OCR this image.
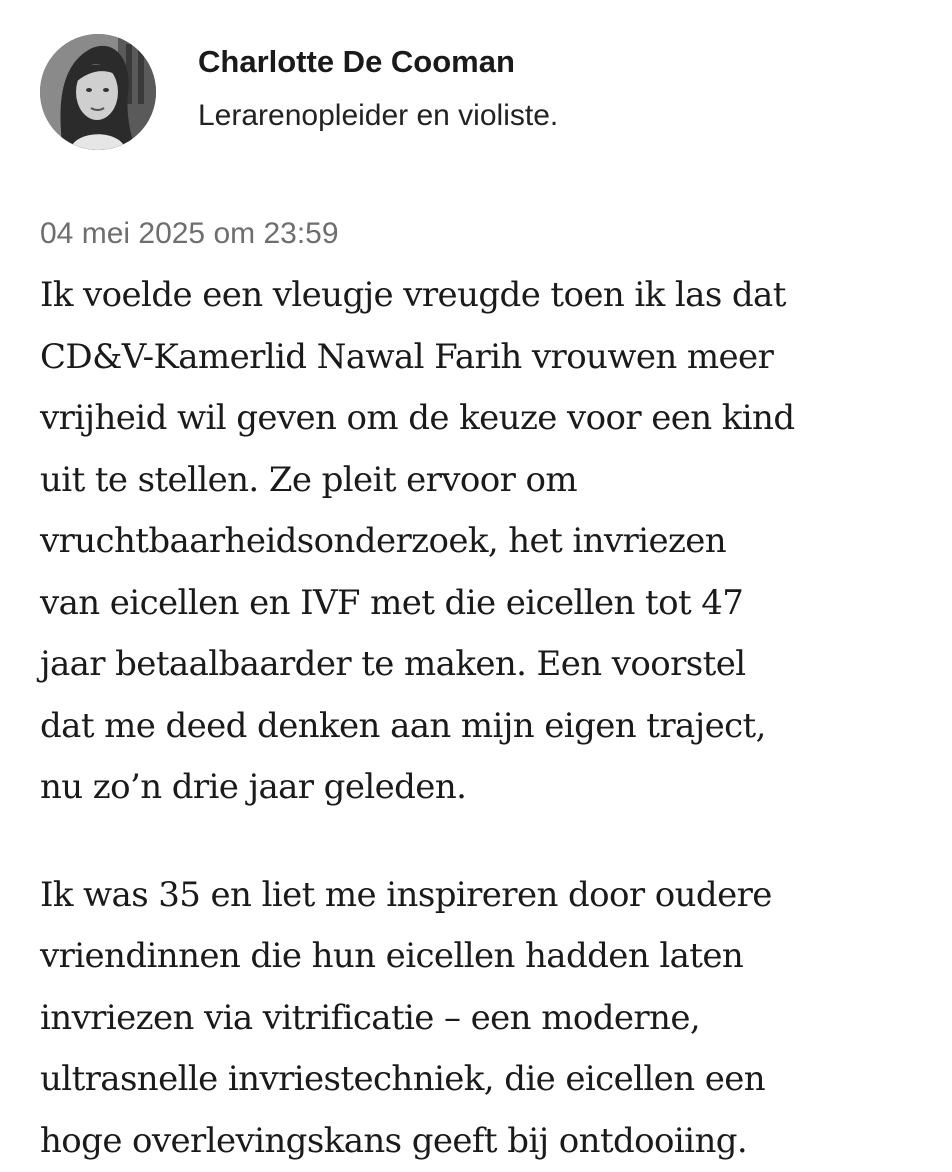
Charlotte De Cooman
Lerarenopleider en violiste.
04 mei 2025 om 23:59

Ik voelde een vleugje vreugde toen ik las dat
CD&V-Kamerlid Nawal Farih vrouwen meer
vrijheid wil geven om de keuze voor een kind
uit te stellen. Ze pleit ervoor om
vruchtbaarheidsonderzoek, het invriezen
van eicellen en IVF met die eicellen tot 47
jaar betaalbaarder te maken. Een voorstel
dat me deed denken aan mijn eigen traject,
nu zo’n drie jaar geleden.

Ik was 35 en liet me inspireren door oudere
vriendinnen die hun eicellen hadden laten
invriezen via vitrificatie – een moderne,
ultrasnelle invriestechniek, die eicellen een
hoge overlevingskans geeft bij ontdooiing.
